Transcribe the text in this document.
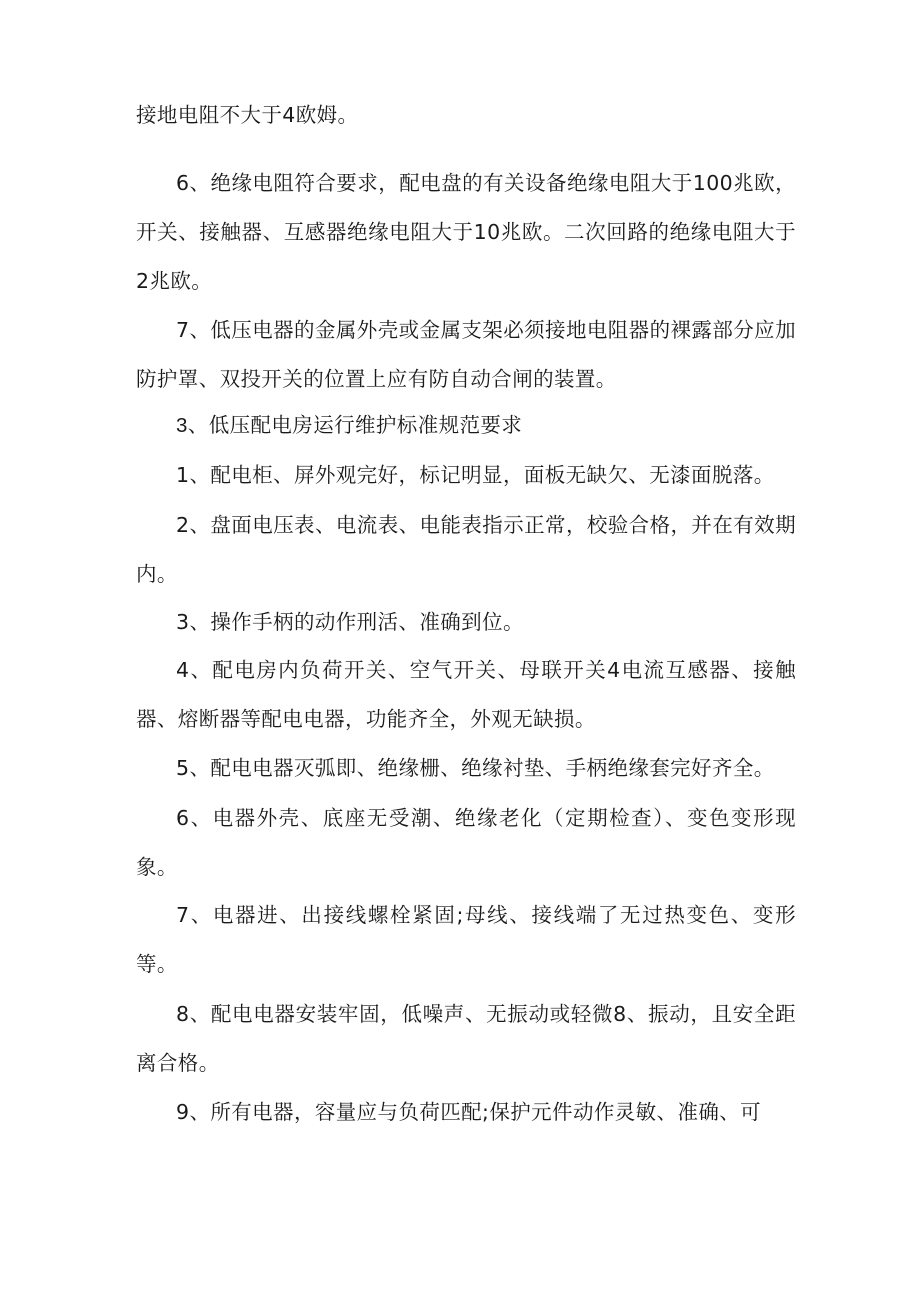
接地电阻不大于4欧姆。

6、绝缘电阻符合要求，配电盘的有关设备绝缘电阻大于100兆欧，开关、接触器、互感器绝缘电阻大于10兆欧。二次回路的绝缘电阻大于2兆欧。

7、低压电器的金属外壳或金属支架必须接地电阻器的裸露部分应加防护罩、双投开关的位置上应有防自动合闸的装置。

3、低压配电房运行维护标准规范要求

1、配电柜、屏外观完好，标记明显，面板无缺欠、无漆面脱落。

2、盘面电压表、电流表、电能表指示正常，校验合格，并在有效期内。

3、操作手柄的动作刑活、准确到位。

4、配电房内负荷开关、空气开关、母联开关4电流互感器、接触器、熔断器等配电电器，功能齐全，外观无缺损。

5、配电电器灭弧即、绝缘栅、绝缘衬垫、手柄绝缘套完好齐全。

6、电器外壳、底座无受潮、绝缘老化（定期检查）、变色变形现象。

7、电器进、出接线螺栓紧固;母线、接线端了无过热变色、变形等。

8、配电电器安装牢固，低噪声、无振动或轻微8、振动，且安全距离合格。

9、所有电器，容量应与负荷匹配;保护元件动作灵敏、准确、可
